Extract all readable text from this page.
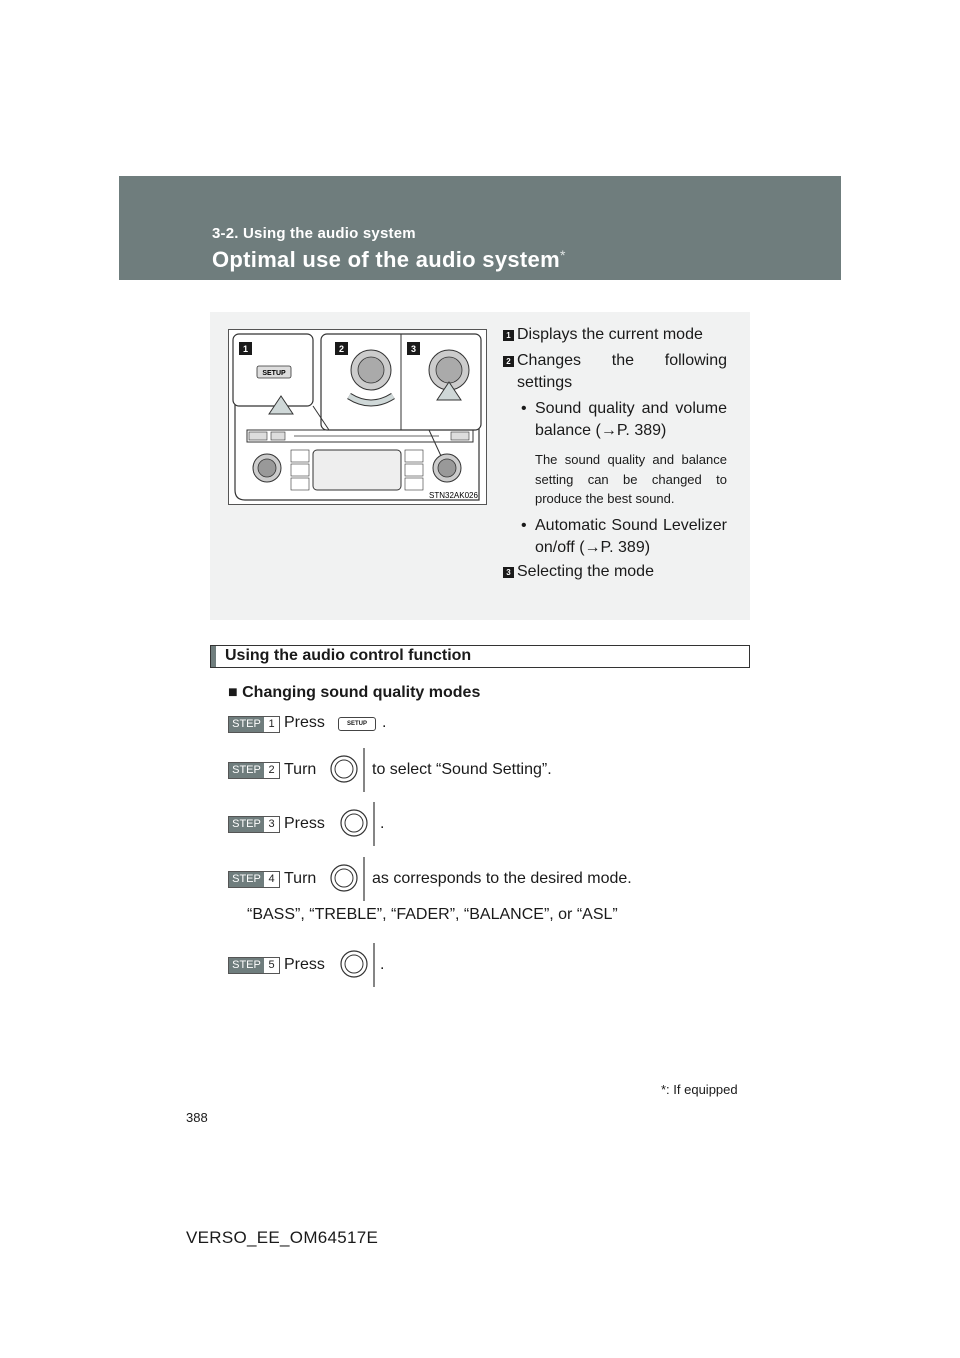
3-2. Using the audio system
Optimal use of the audio system*
1
SETUP
2	3
STN32AK026
1 Displays the current mode
2 Changes the following settings
• Sound quality and volume balance (→P. 389)
The sound quality and balance setting can be changed to produce the best sound.
• Automatic Sound Levelizer on/off (→P. 389)
3 Selecting the mode
Using the audio control function
■ Changing sound quality modes
STEP 1 Press	SETUP .
STEP 2 Turn	to select “Sound Setting”.
STEP 3 Press	.
STEP 4 Turn	as corresponds to the desired mode.
“BASS”, “TREBLE”, “FADER”, “BALANCE”, or “ASL”
STEP 5 Press	.
*: If equipped
388
VERSO_EE_OM64517E
